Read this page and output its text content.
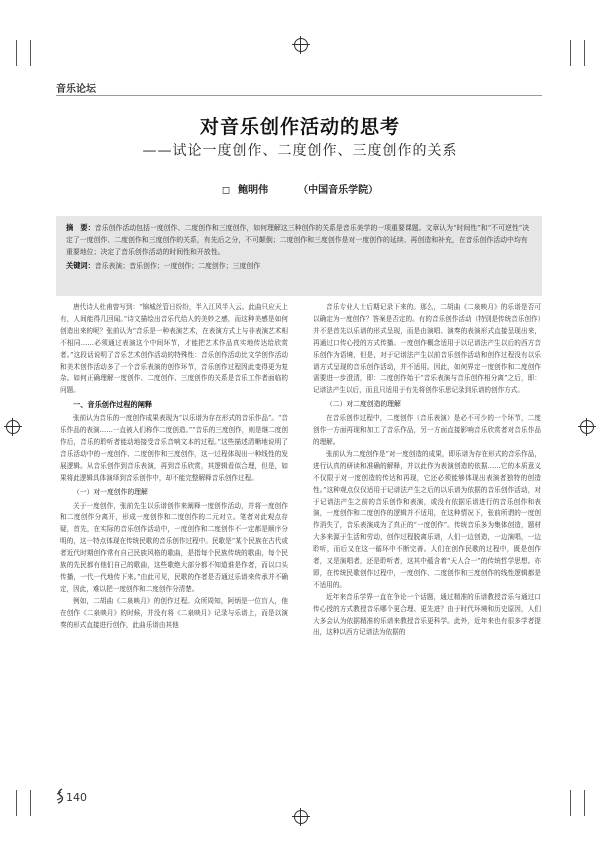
音乐论坛
对音乐创作活动的思考
——试论一度创作、二度创作、三度创作的关系
◻ 鲍明伟	（中国音乐学院）
摘　要：音乐创作活动包括一度创作、二度创作和三度创作，如何理解这三种创作的关系是音乐美学的一项重要课题。文章认为“时间性”和“不可逆性”决定了一度创作、二度创作和三度创作的关系，有先后之分，不可颠倒；二度创作和三度创作是对一度创作的延续、再创造和补充，在音乐创作活动中均有重要地位；决定了音乐创作活动的时间性和开放性。
关键词：音乐表演；音乐创作；一度创作；二度创作；三度创作

唐代诗人杜甫曾写到：“锦城丝管日纷纷，半入江风半入云。此曲只应天上有，人间能得几回闻。”诗文描绘出音乐代给人的美妙之感，而这种美感是如何创造出来的呢？张前认为“音乐是一种表演艺术，在表演方式上与非表演艺术相不相同……必须通过表演这个中间环节，才能把艺术作品真实地传达给欣赏者。”这段话说明了音乐艺术创作活动的特殊性：音乐创作活动比文学创作活动和美术创作活动多了一个音乐表演的创作环节，音乐创作过程因此变得更为复杂。如何正确理解一度创作、二度创作、三度创作的关系是音乐工作者面临的问题。

一、音乐创作过程的阐释

张前认为音乐的一度创作成果表现为“以乐谱为存在形式的音乐作品”。“音乐作品的表演……一直被人们称作二度创造。”“音乐的三度创作，则是继二度创作后，音乐的聆听者能动地接受音乐音响文本的过程。”这些描述清晰地说明了音乐活动中的一度创作、二度创作和三度创作，这一过程体现出一种线性的发展逻辑。从音乐创作到音乐表演，再到音乐欣赏，其逻辑看似合理，但是，如果将此逻辑具体演绎到音乐创作中，却不能完整解释音乐创作过程。

（一）对一度创作的理解

关于一度创作，张前先生以乐谱创作来阐释一度创作活动，并将一度创作和二度创作分离开，形成一度创作和二度创作的二元对立。笔者对此观点存疑，首先，在实际的音乐创作活动中，一度创作和二度创作不一定都是顺序分明的，这一特点体现在传统民歌的音乐创作过程中。民歌是“某个民族在古代或者近代时期创作常有自己民族风格的歌曲，是指每个民族传统的歌曲，每个民族的先民都有他们自己的歌曲，这些歌绝大部分都不知道谁是作者，而以口头传播，一代一代地传下来。”由此可见，民歌的作者是否通过乐谱来传承并不确定，因此，难以把一度创作和二度创作分清楚。

例如，二胡曲《二泉映月》的创作过程。众所周知，阿炳是一位盲人，他在创作《二泉映月》的时候，并没有将《二泉映月》记录与乐谱上，而是以演奏的形式直接进行创作，此曲乐谱由其他

音乐专业人士后期记录下来的。那么，二胡曲《二泉映月》的乐谱是否可以确定为一度创作？答案是否定的。有的音乐创作活动（特别是传统音乐创作）并不是首先以乐谱的形式呈现，而是由演唱、演奏的表演形式直接呈现出来，再通过口传心授的方式传播。一度创作概念适用于以记谱法产生以后的西方音乐创作为语境，但是，对于记谱法产生以前音乐创作活动和创作过程没有以乐谱方式呈现的音乐创作活动，并不适用。因此，如何界定一度创作和二度创作需要进一步澄清，即：二度创作始于“音乐表演与音乐创作相分离”之后，即：记谱法产生以后，而且只适用于有先将创作乐思记录到乐谱的创作方式。

（二）对二度创造的理解

在音乐创作过程中，二度创作（音乐表演）是必不可少的一个环节，二度创作一方面再现和加工了音乐作品，另一方面直接影响音乐欣赏者对音乐作品的理解。

张前认为二度创作是“对一度创造的成果，即乐谱为存在形式的音乐作品，进行认真的研读和准确的解释，并以此作为表演创造的依据……它的本质意义不仅限于对一度创造的传达和再现，它还必须能够体现出表演者独特的创造性。”这种观点仅仅适用于记谱法产生之后的以乐谱为依据的音乐创作活动，对于记谱法产生之前的音乐创作和表演，或没有依据乐谱进行的音乐创作和表演，一度创作和二度创作的逻辑并不适用，在这种情况下，张前所谓的一度创作消失了，音乐表演成为了真正的“一度创作”。传统音乐多为集体创造，题材大多来源于生活和劳动，创作过程脱离乐谱，人们一边创造，一边演唱，一边聆听，而后又在这一循环中不断完善。人们在创作民歌的过程中，既是创作者，又是演唱者，还是聆听者，这其中蕴含着“天人合一”的传统哲学思想。亦即，在传统民歌创作过程中，一度创作、二度创作和三度创作的线性逻辑都是不适用的。

近年来音乐学界一直在争论一个话题，通过精准的乐谱教授音乐与通过口传心授的方式教授音乐哪个更合理、更先进？由于时代环境和历史原因，人们大多会认为依据精准的乐谱来教授音乐更科学。此外，近年来也有很多学者提出，这种以西方记谱法为依据的

140
